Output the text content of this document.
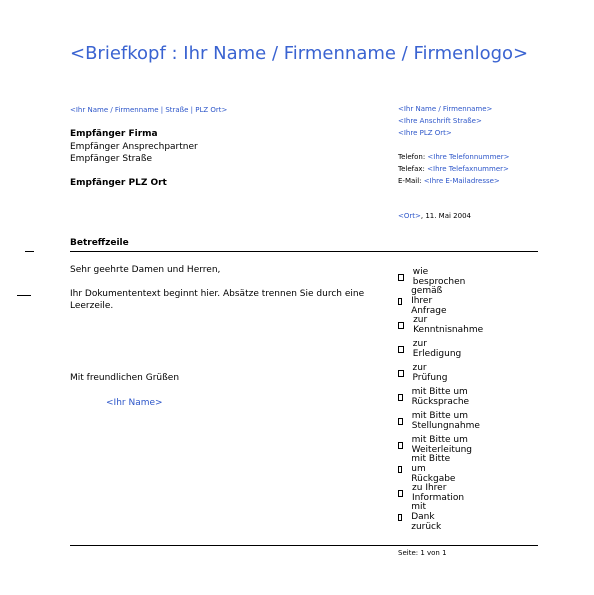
<Briefkopf : Ihr Name / Firmenname / Firmenlogo>
<Ihr Name / Firmenname | Straße | PLZ Ort>
Empfänger Firma
Empfänger Ansprechpartner
Empfänger Straße
Empfänger PLZ Ort
<Ihr Name / Firmenname>
<Ihre Anschrift Straße>
<Ihre PLZ Ort>
Telefon: <Ihre Telefonnummer>
Telefax: <Ihre Telefaxnummer>
E-Mail: <Ihre E-Mailadresse>
<Ort>, 11. Mai 2004
Betreffzeile
Sehr geehrte Damen und Herren,
Ihr Dokumententext beginnt hier. Absätze trennen Sie durch eine
Leerzeile.
Mit freundlichen Grüßen
<Ihr Name>
wie besprochen
gemäß Ihrer Anfrage
zur Kenntnisnahme
zur Erledigung
zur Prüfung
mit Bitte um Rücksprache
mit Bitte um Stellungnahme
mit Bitte um Weiterleitung
mit Bitte um Rückgabe
zu Ihrer Information
mit Dank zurück
Seite: 1 von 1
